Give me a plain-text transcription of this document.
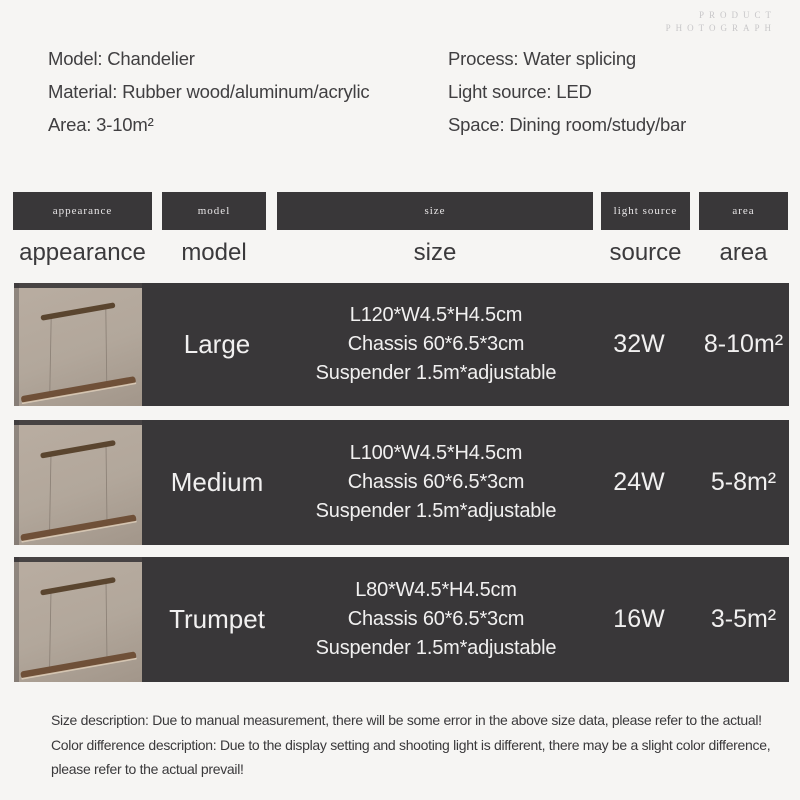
PRODUCT
PHOTOGRAPH
Model: Chandelier
Material: Rubber wood/aluminum/acrylic
Area: 3-10m²
Process: Water splicing
Light source: LED
Space: Dining room/study/bar
appearance	model	size	light source	area
appearance	model	size	source	area
Large
L120*W4.5*H4.5cm
Chassis 60*6.5*3cm
Suspender 1.5m*adjustable
32W	8-10m²
Medium
L100*W4.5*H4.5cm
Chassis 60*6.5*3cm
Suspender 1.5m*adjustable
24W	5-8m²
Trumpet
L80*W4.5*H4.5cm
Chassis 60*6.5*3cm
Suspender 1.5m*adjustable
16W	3-5m²
Size description: Due to manual measurement, there will be some error in the above size data, please refer to the actual!
Color difference description: Due to the display setting and shooting light is different, there may be a slight color difference,
please refer to the actual prevail!
